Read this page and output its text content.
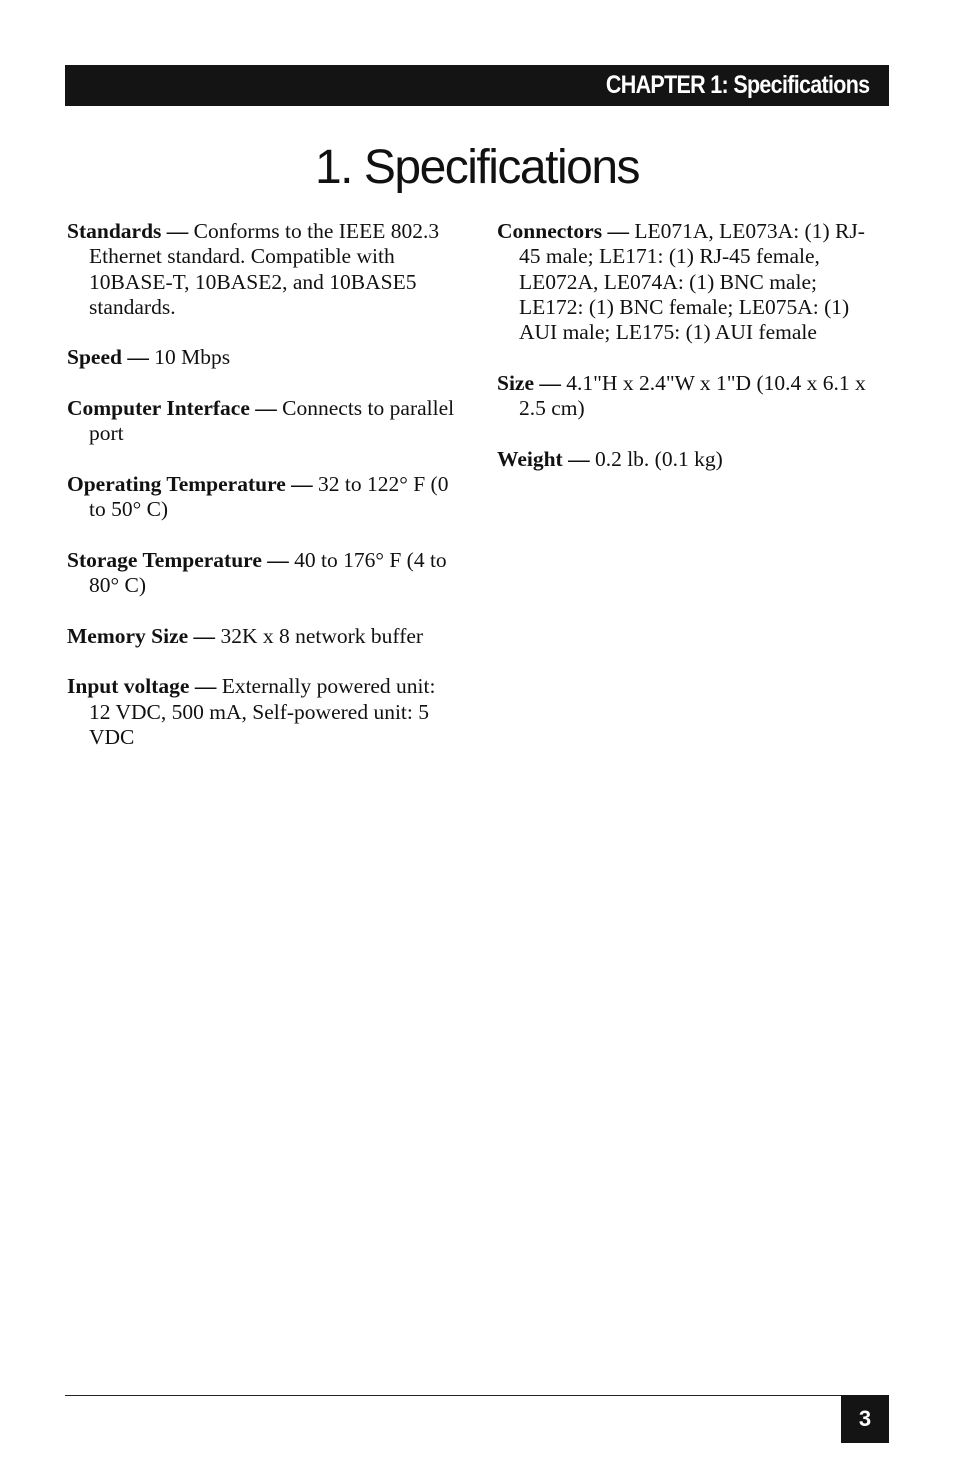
CHAPTER 1: Specifications
1. Specifications

Standards — Conforms to the IEEE 802.3 Ethernet standard. Compatible with 10BASE-T, 10BASE2, and 10BASE5 standards.

Speed — 10 Mbps

Computer Interface — Connects to parallel port

Operating Temperature — 32 to 122° F (0 to 50° C)

Storage Temperature — 40 to 176° F (4 to 80° C)

Memory Size — 32K x 8 network buffer

Input voltage — Externally powered unit: 12 VDC, 500 mA, Self-powered unit: 5 VDC

Connectors — LE071A, LE073A: (1) RJ-45 male; LE171: (1) RJ-45 female, LE072A, LE074A: (1) BNC male; LE172: (1) BNC female; LE075A: (1) AUI male; LE175: (1) AUI female

Size — 4.1"H x 2.4"W x 1"D (10.4 x 6.1 x 2.5 cm)

Weight — 0.2 lb. (0.1 kg)

3
